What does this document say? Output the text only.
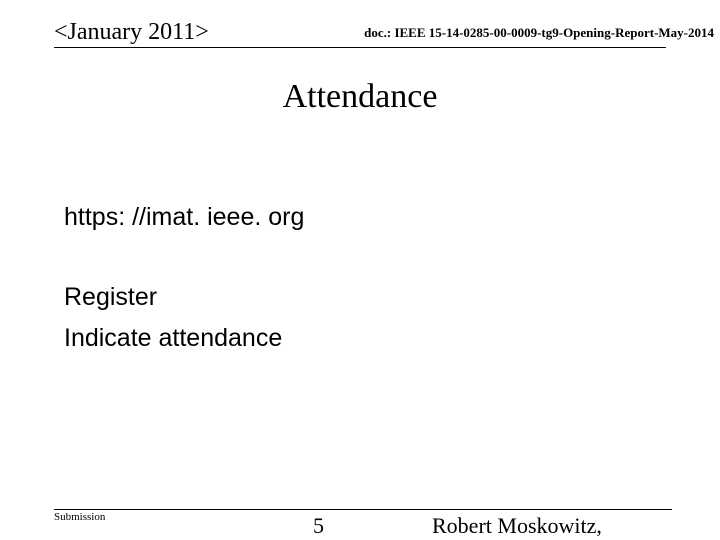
<January 2011>	doc.: IEEE 15-14-0285-00-0009-tg9-Opening-Report-May-2014
Attendance
https: //imat. ieee. org
Register
Indicate attendance
Submission	5	Robert Moskowitz,
